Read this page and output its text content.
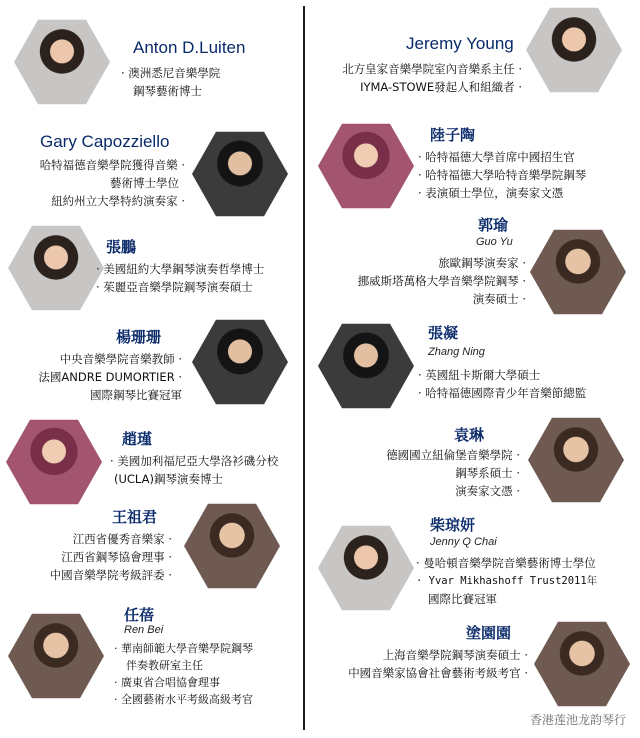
Anton D.Luiten
· 澳洲悉尼音樂學院
鋼琴藝術博士
Gary Capozziello
哈特福德音樂學院獲得音樂 ·
藝術博士學位
紐約州立大學特約演奏家 ·
張鵬
· 美國紐約大學鋼琴演奏哲學博士
· 茱麗亞音樂學院鋼琴演奏碩士
楊珊珊
中央音樂學院音樂教師 ·
法國ANDRE DUMORTIER ·
國際鋼琴比賽冠軍
趙瑾
· 美國加利福尼亞大學洛衫磯分校
(UCLA)鋼琴演奏博士
王祖君
江西省優秀音樂家 ·
江西省鋼琴協會理事 ·
中國音樂學院考級評委 ·
任蓓
Ren Bei
· 華南師範大學音樂學院鋼琴
伴奏教研室主任
· 廣東省合唱協會理事
· 全國藝術水平考級高級考官
Jeremy Young
北方皇家音樂學院室內音樂系主任 ·
IYMA-STOWE發起人和組織者 ·
陸子陶
· 哈特福德大學首席中國招生官
· 哈特福德大學哈特音樂學院鋼琴
· 表演碩士學位，演奏家文憑
郭瑜
Guo Yu
旅歐鋼琴演奏家 ·
挪威斯塔萬格大學音樂學院鋼琴 ·
演奏碩士 ·
張凝
Zhang Ning
· 英國紐卡斯爾大學碩士
· 哈特福德國際青少年音樂節總監
袁琳
德國國立紐倫堡音樂學院 ·
鋼琴系碩士 ·
演奏家文憑 ·
柴琼妍
Jenny Q Chai
· 曼哈頓音樂學院音樂藝術博士學位
· Yvar Mikhashoff Trust2011年
國際比賽冠軍
塗園園
上海音樂學院鋼琴演奏碩士 ·
中國音樂家協會社會藝術考級考官 ·
香港莲池龙韵琴行
